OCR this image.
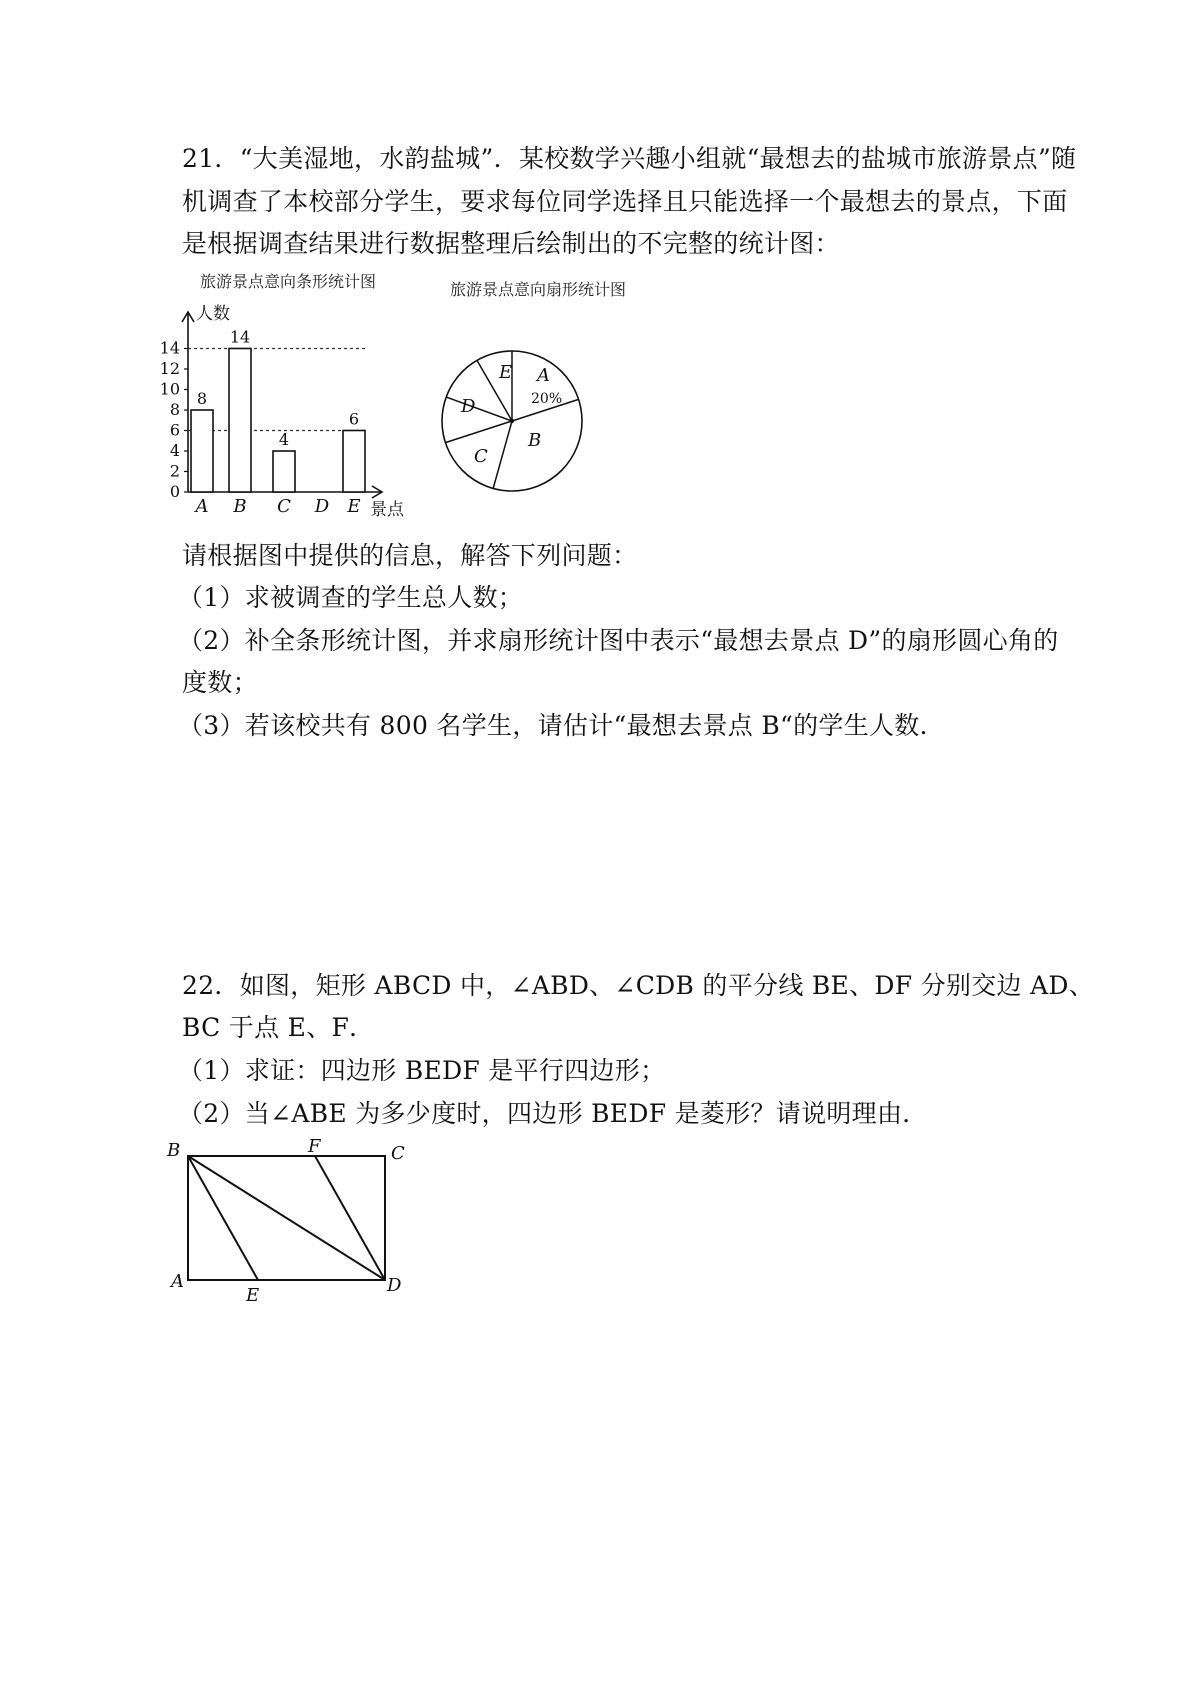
21．“大美湿地，水韵盐城”．某校数学兴趣小组就“最想去的盐城市旅游景点”随
机调查了本校部分学生，要求每位同学选择且只能选择一个最想去的景点，下面
是根据调查结果进行数据整理后绘制出的不完整的统计图：
旅游景点意向条形统计图
人数
景点
0
2
4
6
8
10
12
14
8
A
14
B
4
C D
6
E
旅游景点意向扇形统计图
A
B
C
D
E
20%
请根据图中提供的信息，解答下列问题：
（1）求被调查的学生总人数；
（2）补全条形统计图，并求扇形统计图中表示“最想去景点 D”的扇形圆心角的
度数；
（3）若该校共有 800 名学生，请估计“最想去景点 B“的学生人数．
22．如图，矩形 ABCD 中，∠ABD、∠CDB 的平分线 BE、DF 分别交边 AD、
BC 于点 E、F．
（1）求证：四边形 BEDF 是平行四边形；
（2）当∠ABE 为多少度时，四边形 BEDF 是菱形？请说明理由．
B	F	C
A
E	D
